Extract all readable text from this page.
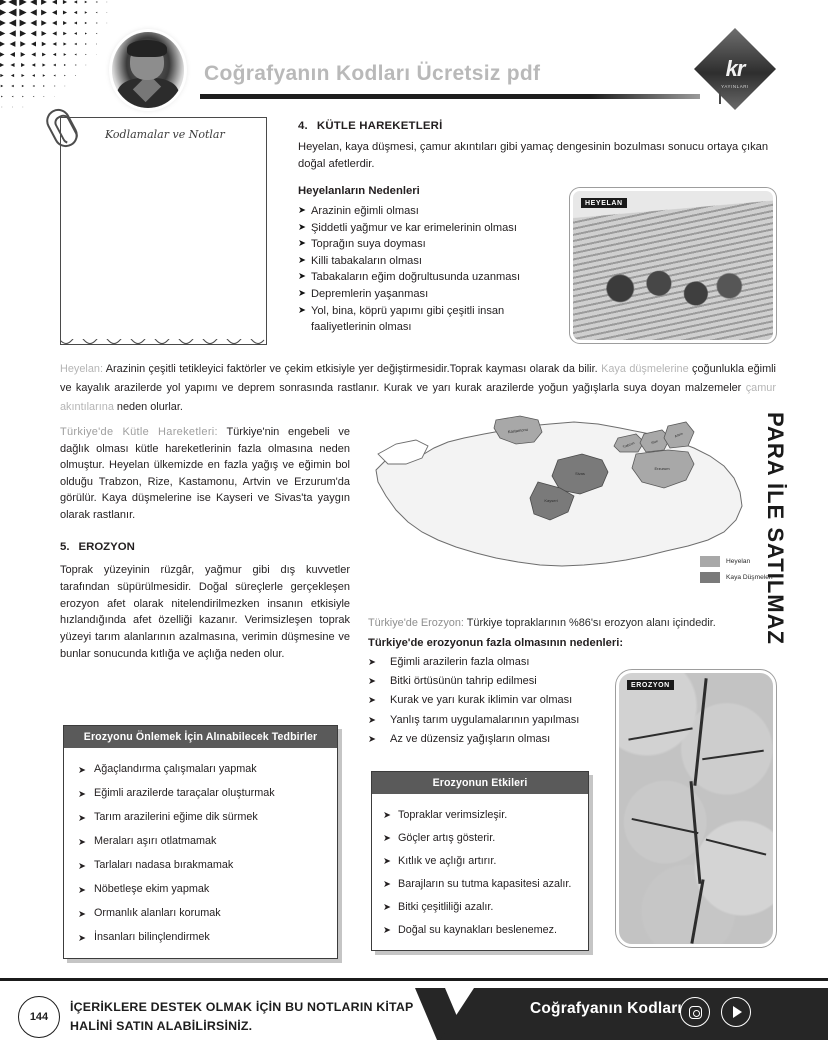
Coğrafyanın Kodları Ücretsiz pdf	kr
YAYINLARI
Kodlamalar ve Notlar
4. KÜTLE HAREKETLERİ
Heyelan, kaya düşmesi, çamur akıntıları gibi yamaç dengesinin bozulması sonucu ortaya çıkan doğal afetlerdir.
Heyelanların Nedenleri
➤ Arazinin eğimli olması
➤ Şiddetli yağmur ve kar erimelerinin olması
➤ Toprağın suya doyması
➤ Killi tabakaların olması
➤ Tabakaların eğim doğrultusunda uzanması
➤ Depremlerin yaşanması
➤ Yol, bina, köprü yapımı gibi çeşitli insan faaliyetlerinin olması
HEYELAN
Heyelan: Arazinin çeşitli tetikleyici faktörler ve çekim etkisiyle yer değiştirmesidir.Toprak kayması olarak da bilir. Kaya düşmelerine çoğunlukla eğimli ve kayalık arazilerde yol yapımı ve deprem sonrasında rastlanır. Kurak ve yarı kurak arazilerde yoğun yağışlarla suya doyan malzemeler çamur akıntılarına neden olurlar.
Türkiye'de Kütle Hareketleri: Türkiye'nin engebeli ve dağlık olması kütle hareketlerinin fazla olmasına neden olmuştur. Heyelan ülkemizde en fazla yağış ve eğimin bol olduğu Trabzon, Rize, Kastamonu, Artvin ve Erzurum'da görülür. Kaya düşmelerine ise Kayseri ve Sivas'ta yaygın olarak rastlanır.
5. EROZYON
Toprak yüzeyinin rüzgâr, yağmur gibi dış kuvvetler tarafından süpürülmesidir. Doğal süreçlerle gerçekleşen erozyon afet olarak nitelendirilmezken insanın etkisiyle hızlandığında afet özelliği kazanır. Verimsizleşen toprak yüzeyi tarım alanlarının azalmasına, verimin düşmesine ve bunlar sonucunda kıtlığa ve açlığa neden olur.
Kastamonu
Trabzon	Rize
Artvin
Erzurum
Sivas
Kayseri	PARA İLE SATILMAZ
Heyelan
Kaya Düşmeleri
Türkiye'de Erozyon: Türkiye topraklarının %86'sı erozyon alanı içindedir.
Türkiye'de erozyonun fazla olmasının nedenleri:
➤ Eğimli arazilerin fazla olması
➤ Bitki örtüsünün tahrip edilmesi
➤ Kurak ve yarı kurak iklimin var olması
➤ Yanlış tarım uygulamalarının yapılması
➤ Az ve düzensiz yağışların olması
Erozyonu Önlemek İçin Alınabilecek Tedbirler
➤ Ağaçlandırma çalışmaları yapmak
➤ Eğimli arazilerde taraçalar oluşturmak
➤ Tarım arazilerini eğime dik sürmek
➤ Meraları aşırı otlatmamak
➤ Tarlaları nadasa bırakmamak
➤ Nöbetleşe ekim yapmak
➤ Ormanlık alanları korumak
➤ İnsanları bilinçlendirmek
Erozyonun Etkileri
➤ Topraklar verimsizleşir.
➤ Göçler artış gösterir.
➤ Kıtlık ve açlığı artırır.
➤ Barajların su tutma kapasitesi azalır.
➤ Bitki çeşitliliği azalır.
➤ Doğal su kaynakları beslenemez.
EROZYON
144
İÇERİKLERE DESTEK OLMAK İÇİN BU NOTLARIN KİTAP
HALİNİ SATIN ALABİLİRSİNİZ.
Coğrafyanın Kodları
